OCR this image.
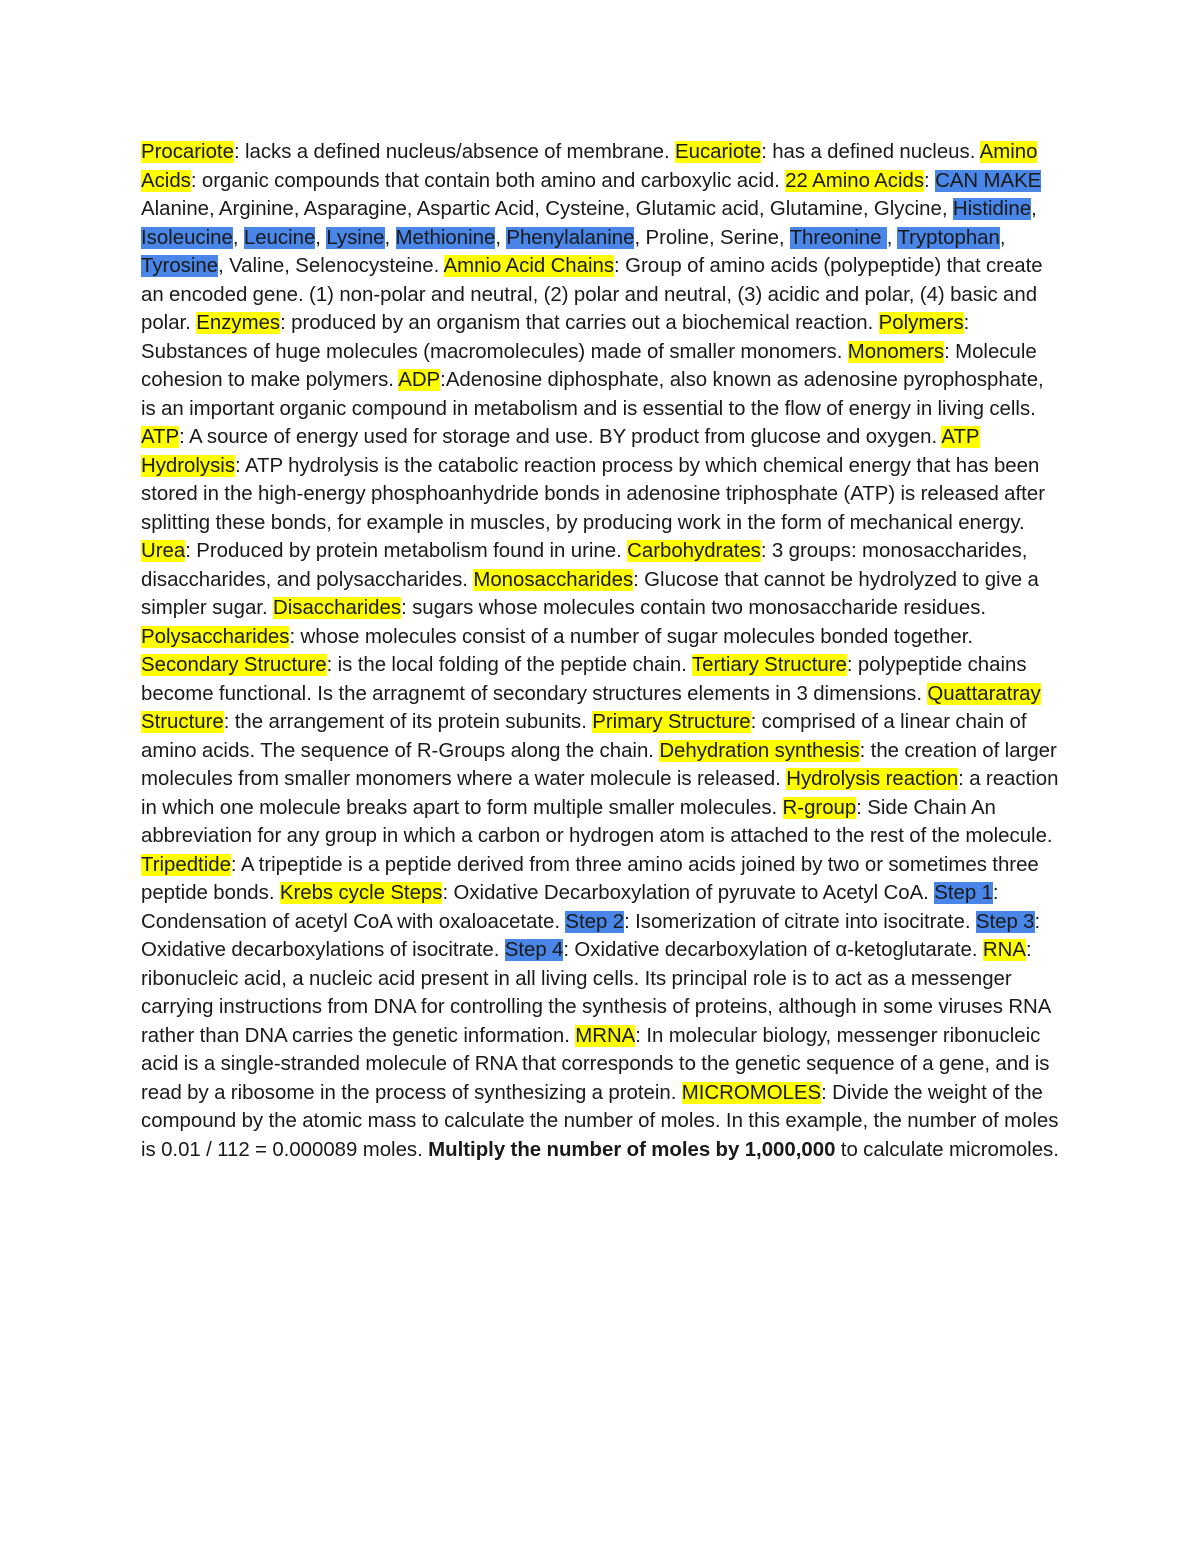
Procariote: lacks a defined nucleus/absence of membrane. Eucariote: has a defined nucleus. Amino Acids: organic compounds that contain both amino and carboxylic acid. 22 Amino Acids: CAN MAKE Alanine, Arginine, Asparagine, Aspartic Acid, Cysteine, Glutamic acid, Glutamine, Glycine, Histidine, Isoleucine, Leucine, Lysine, Methionine, Phenylalanine, Proline, Serine, Threonine , Tryptophan, Tyrosine, Valine, Selenocysteine. Amnio Acid Chains: Group of amino acids (polypeptide) that create an encoded gene. (1) non-polar and neutral, (2) polar and neutral, (3) acidic and polar, (4) basic and polar. Enzymes: produced by an organism that carries out a biochemical reaction. Polymers: Substances of huge molecules (macromolecules) made of smaller monomers. Monomers: Molecule cohesion to make polymers. ADP:Adenosine diphosphate, also known as adenosine pyrophosphate, is an important organic compound in metabolism and is essential to the flow of energy in living cells. ATP: A source of energy used for storage and use. BY product from glucose and oxygen. ATP Hydrolysis: ATP hydrolysis is the catabolic reaction process by which chemical energy that has been stored in the high-energy phosphoanhydride bonds in adenosine triphosphate (ATP) is released after splitting these bonds, for example in muscles, by producing work in the form of mechanical energy. Urea: Produced by protein metabolism found in urine. Carbohydrates: 3 groups: monosaccharides, disaccharides, and polysaccharides. Monosaccharides: Glucose that cannot be hydrolyzed to give a simpler sugar. Disaccharides: sugars whose molecules contain two monosaccharide residues. Polysaccharides: whose molecules consist of a number of sugar molecules bonded together. Secondary Structure: is the local folding of the peptide chain. Tertiary Structure: polypeptide chains become functional. Is the arragnemt of secondary structures elements in 3 dimensions. Quattaratray Structure: the arrangement of its protein subunits. Primary Structure: comprised of a linear chain of amino acids. The sequence of R-Groups along the chain. Dehydration synthesis: the creation of larger molecules from smaller monomers where a water molecule is released. Hydrolysis reaction: a reaction in which one molecule breaks apart to form multiple smaller molecules. R-group: Side Chain An abbreviation for any group in which a carbon or hydrogen atom is attached to the rest of the molecule. Tripedtide: A tripeptide is a peptide derived from three amino acids joined by two or sometimes three peptide bonds. Krebs cycle Steps: Oxidative Decarboxylation of pyruvate to Acetyl CoA. Step 1: Condensation of acetyl CoA with oxaloacetate. Step 2: Isomerization of citrate into isocitrate. Step 3: Oxidative decarboxylations of isocitrate. Step 4: Oxidative decarboxylation of α-ketoglutarate. RNA: ribonucleic acid, a nucleic acid present in all living cells. Its principal role is to act as a messenger carrying instructions from DNA for controlling the synthesis of proteins, although in some viruses RNA rather than DNA carries the genetic information. MRNA: In molecular biology, messenger ribonucleic acid is a single-stranded molecule of RNA that corresponds to the genetic sequence of a gene, and is read by a ribosome in the process of synthesizing a protein. MICROMOLES: Divide the weight of the compound by the atomic mass to calculate the number of moles. In this example, the number of moles is 0.01 / 112 = 0.000089 moles. Multiply the number of moles by 1,000,000 to calculate micromoles.
